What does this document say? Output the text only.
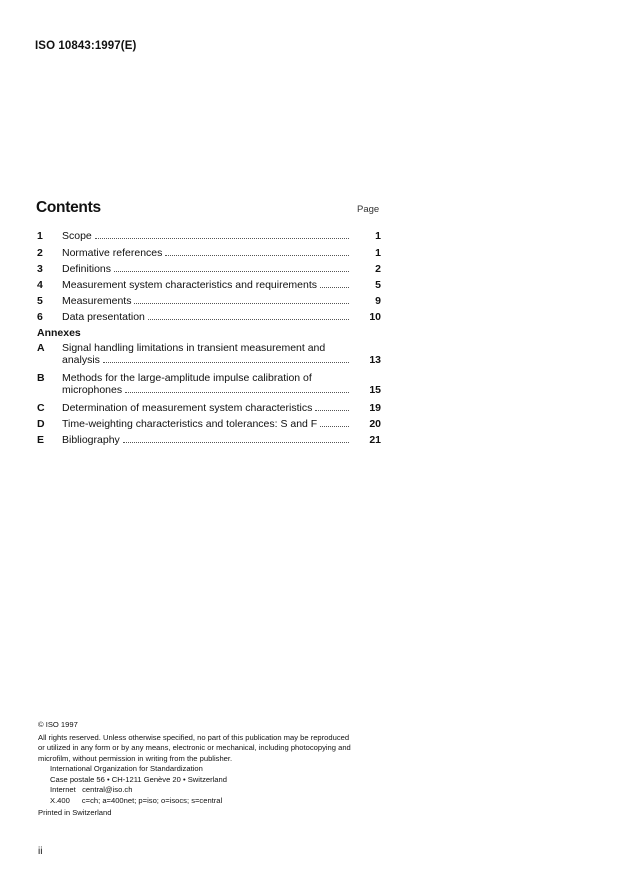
ISO 10843:1997(E)
Contents	Page
1	Scope	1
2	Normative references	1
3	Definitions	2
4	Measurement system characteristics and requirements	5
5	Measurements	9
6	Data presentation	10
Annexes
A	Signal handling limitations in transient measurement and
analysis	13
B	Methods for the large-amplitude impulse calibration of
microphones	15
C	Determination of measurement system characteristics	19
D	Time-weighting characteristics and tolerances: S and F	20
E	Bibliography	21
© ISO 1997
All rights reserved. Unless otherwise specified, no part of this publication may be reproduced
or utilized in any form or by any means, electronic or mechanical, including photocopying and
microfilm, without permission in writing from the publisher.
International Organization for Standardization
Case postale 56 • CH-1211 Genève 20 • Switzerland
Internet central@iso.ch
X.400 c=ch; a=400net; p=iso; o=isocs; s=central
Printed in Switzerland
ii
